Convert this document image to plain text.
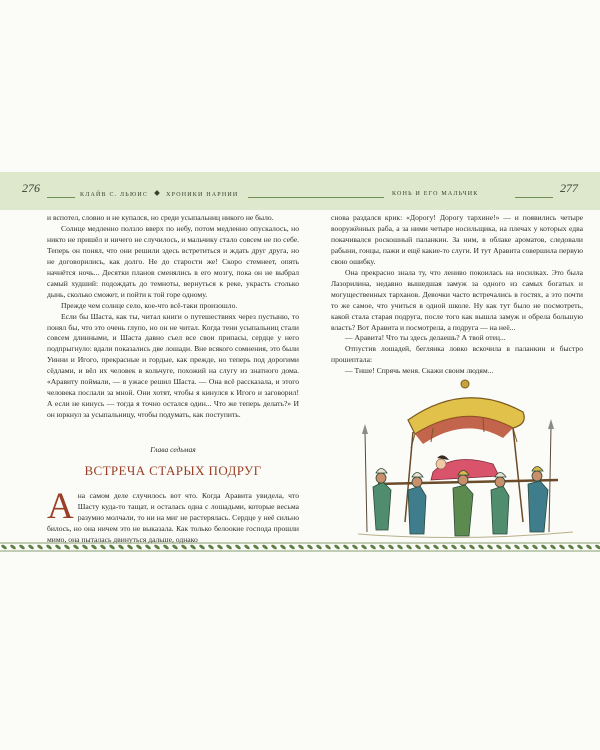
276	277
КЛАЙВ С. ЛЬЮИС	ХРОНИКИ НАРНИИ	КОНЬ И ЕГО МАЛЬЧИК

и вспотел, словно и не купался, но среди усыпальниц никого не было.

Солнце медленно ползло вверх по небу, потом медленно опускалось, но никто не пришёл и ничего не случилось, и мальчику стало совсем не по себе. Теперь он понял, что они решили здесь встретиться и ждать друг друга, но не договорились, как долго. Не до старости же! Скоро стемнеет, опять начнётся ночь... Десятки планов сменялись в его мозгу, пока он не выбрал самый худший: подождать до темноты, вернуться к реке, украсть столько дынь, сколько сможет, и пойти к той горе одному.

Прежде чем солнце село, кое-что всё-таки произошло.

Если бы Шаста, как ты, читал книги о путешествиях через пустыню, то понял бы, что это очень глупо, но он не читал. Когда тени усыпальниц стали совсем длинными, и Шаста давно съел все свои припасы, сердце у него подпрыгнуло: вдали показались две лошади. Вне всякого сомнения, это были Уинни и Игого, прекрасные и гордые, как прежде, но теперь под дорогими сёдлами, и вёл их человек в кольчуге, похожий на слугу из знатного дома. «Аравиту поймали, — в ужасе решил Шаста. — Она всё рассказала, и этого человека послали за мной. Они хотят, чтобы я кинулся к Игого и заговорил! А если не кинусь — тогда я точно остался один... Что же теперь делать?» И он юркнул за усыпальницу, чтобы подумать, как поступить.

Глава седьмая
ВСТРЕЧА СТАРЫХ ПОДРУГ

Ана самом деле случилось вот что. Когда Аравита увидела, что Шасту куда-то тащат, и осталась одна с лошадьми, которые весьма разумно молчали, то ни на миг не растерялась. Сердце у неё сильно билось, но она ничем это не выказала. Как только белоокие господа прошли мимо, она пыталась двинуться дальше, однако

снова раздался крик: «Дорогу! Дорогу тархине!» — и появились четыре вооружённых раба, а за ними четыре носильщика, на плечах у которых едва покачивался роскошный паланкин. За ним, в облаке ароматов, следовали рабыни, гонцы, пажи и ещё какие-то слуги. И тут Аравита совершила первую свою ошибку.

Она прекрасно знала ту, что лениво покоилась на носилках. Это была Лазорилина, недавно вышедшая замуж за одного из самых богатых и могущественных тарханов. Девочки часто встречались в гостях, а это почти то же самое, что учиться в одной школе. Ну как тут было не посмотреть, какой стала старая подруга, после того как вышла замуж и обрела большую власть? Вот Аравита и посмотрела, а подруга — на неё...

— Аравита! Что ты здесь делаешь? А твой отец...

Отпустив лошадей, беглянка ловко вскочила в паланкин и быстро прошептала:

— Тише! Спрячь меня. Скажи своим людям...
